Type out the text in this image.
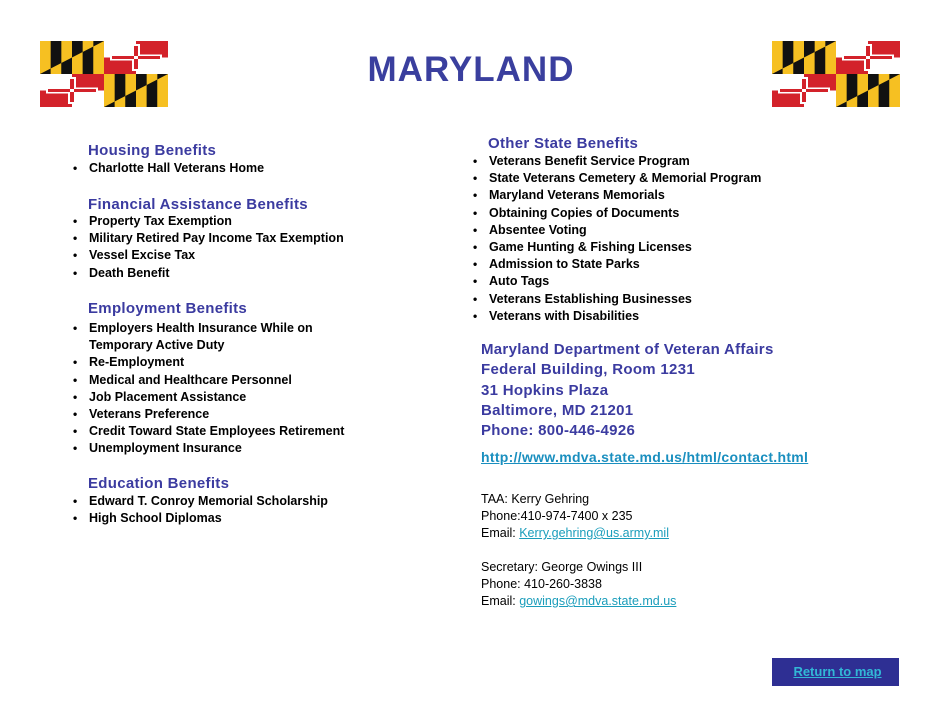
MARYLAND
Housing Benefits
• Charlotte Hall Veterans Home
Financial Assistance Benefits
• Property Tax Exemption
• Military Retired Pay Income Tax Exemption
• Vessel Excise Tax
• Death Benefit
Employment Benefits
• Employers Health Insurance While on Temporary Active Duty
• Re-Employment
• Medical and Healthcare Personnel
• Job Placement Assistance
• Veterans Preference
• Credit Toward State Employees Retirement
• Unemployment Insurance
Education Benefits
• Edward T. Conroy Memorial Scholarship
• High School Diplomas
Other State Benefits
• Veterans Benefit Service Program
• State Veterans Cemetery & Memorial Program
• Maryland Veterans Memorials
• Obtaining Copies of Documents
• Absentee Voting
• Game Hunting & Fishing Licenses
• Admission to State Parks
• Auto Tags
• Veterans Establishing Businesses
• Veterans with Disabilities
Maryland Department of Veteran Affairs
Federal Building, Room 1231
31 Hopkins Plaza
Baltimore, MD 21201
Phone: 800-446-4926
http://www.mdva.state.md.us/html/contact.html
TAA: Kerry Gehring
Phone:410-974-7400 x 235
Email: Kerry.gehring@us.army.mil
Secretary: George Owings III
Phone: 410-260-3838
Email: gowings@mdva.state.md.us
Return to map
